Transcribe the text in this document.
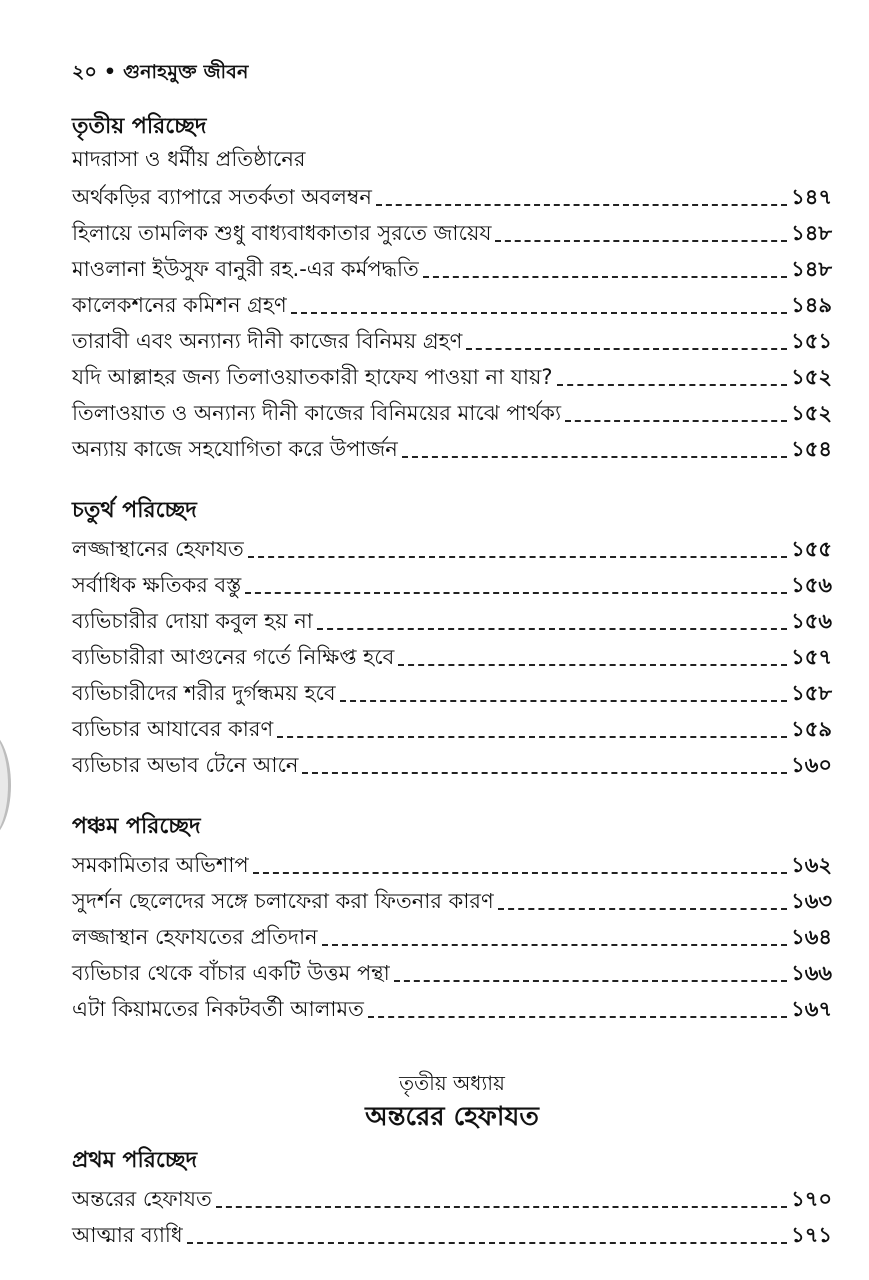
২০ • গুনাহমুক্ত জীবন
তৃতীয় পরিচ্ছেদ
মাদরাসা ও ধর্মীয় প্রতিষ্ঠানের
অর্থকড়ির ব্যাপারে সতর্কতা অবলম্বন	১৪৭
হিলায়ে তামলিক শুধু বাধ্যবাধকাতার সুরতে জায়েয	১৪৮
মাওলানা ইউসুফ বানুরী রহ.-এর কর্মপদ্ধতি	১৪৮
কালেকশনের কমিশন গ্রহণ	১৪৯
তারাবী এবং অন্যান্য দীনী কাজের বিনিময় গ্রহণ	১৫১
যদি আল্লাহর জন্য তিলাওয়াতকারী হাফেয পাওয়া না যায়?	১৫২
তিলাওয়াত ও অন্যান্য দীনী কাজের বিনিময়ের মাঝে পার্থক্য	১৫২
অন্যায় কাজে সহযোগিতা করে উপার্জন	১৫৪
চতুর্থ পরিচ্ছেদ
লজ্জাস্থানের হেফাযত	১৫৫
সর্বাধিক ক্ষতিকর বস্তু	১৫৬
ব্যভিচারীর দোয়া কবুল হয় না	১৫৬
ব্যভিচারীরা আগুনের গর্তে নিক্ষিপ্ত হবে	১৫৭
ব্যভিচারীদের শরীর দুর্গন্ধময় হবে	১৫৮
ব্যভিচার আযাবের কারণ	১৫৯
ব্যভিচার অভাব টেনে আনে	১৬০
পঞ্চম পরিচ্ছেদ
সমকামিতার অভিশাপ	১৬২
সুদর্শন ছেলেদের সঙ্গে চলাফেরা করা ফিতনার কারণ	১৬৩
লজ্জাস্থান হেফাযতের প্রতিদান	১৬৪
ব্যভিচার থেকে বাঁচার একটি উত্তম পন্থা	১৬৬
এটা কিয়ামতের নিকটবর্তী আলামত	১৬৭
তৃতীয় অধ্যায়
অন্তরের হেফাযত
প্রথম পরিচ্ছেদ
অন্তরের হেফাযত	১৭০
আত্মার ব্যাধি	১৭১
